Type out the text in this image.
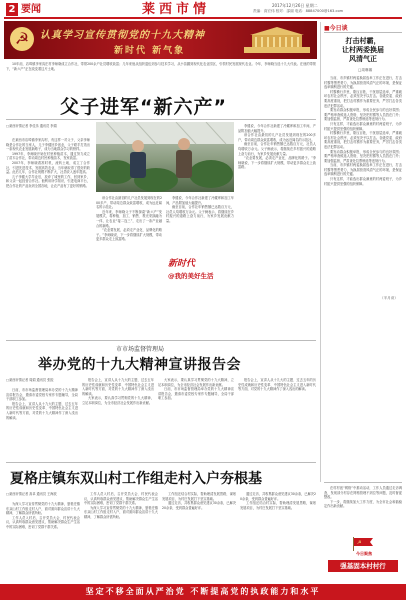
2 要闻	莱西市情	2017年12月26日 星期二
责编：高宏伟 校对：邵丽 电话：88847000@163.com
☭	认真学习宣传贯彻党的十九大精神
新时代 新气象

10年前，店埠镇李家沟庄村李师晓成立合作社，带领200余户社员增收致富；几年来他从组织退伍到参与技术学习，从小苗圃到现代化农业园区，引领村民发展现代农业。今年，李师晓当选十九大代表。在他的带领下，“新六产”正在改变着这片土地。

父子进军“新六产”

□莱西市情记者 李佳乐 通讯员 李娟

在莱西市店埠镇李家沟村，有这样一对父子，父亲李师晓是合作社的当家人，儿子李健回乡创业，父子联手打造出一条现代农业发展新路子，成为当地群众学习的榜样。

1997年，李师晓开始在村里种植苗木，通过努力成立了苗木合作社，带动周边村民种植苗木，发家致富。

2007年，李师晓看准时机，流转土地，成立了合作社，引进先进技术，发展高效农业，当年就取得了很好的收益。此后几年，合作社规模不断扩大，社员收入逐年提高。

儿子李健大学毕业后，放弃了城里的工作，回到家乡，和父亲一起经营合作社。他利用所学知识，引进电商平台，把合作社的产品卖到全国各地，让农产品有了更好的销路。

该合作社由最初的几户社员发展到现在的200多户，带动周边群众致富增收，成为远近闻名的示范社。

近年来，李师晓父子不断探索“新六产”发展模式，将种植、加工、销售、观光采摘融为一体，让农业“接二连三”，走出了一条产业融合的新路。

“农业要发展，必须走产业化、品牌化的路子。”李师晓说，下一步将继续扩大规模，带动更多群众走上致富路。

李健说，今年合作社新建了冷藏库和加工车间，产品附加值大幅提升。

截至目前，合作社年销售额已达数百万元，社员人均增收万余元。父子俩表示，将继续在乡村振兴的道路上奋力前行，为家乡发展贡献力量。

新时代
@我的美好生活

李健说，今年合作社新建了冷藏库和加工车间，产品附加值大幅提升。

该合作社由最初的几户社员发展到现在的200多户，带动周边群众致富增收，成为远近闻名的示范社。

截至目前，合作社年销售额已达数百万元，社员人均增收万余元。父子俩表示，将继续在乡村振兴的道路上奋力前行，为家乡发展贡献力量。

“农业要发展，必须走产业化、品牌化的路子。”李师晓说，下一步将继续扩大规模，带动更多群众走上致富路。

■今日谈
打击村霸，
让村两委换届
风清气正
□周琳娜

当前，市乡镇村两委换届选举工作正在进行，打击村霸等黑恶势力，为换届营造风清气正的环境，是保证选举顺利进行的关键。

村霸横行乡里，欺压百姓，干扰基层选举，严重破坏农村社会秩序，必须坚决予以打击。各级党委、政府要高度重视，把打击村霸作为重要任务，严厉打击各类违法犯罪活动。

要发动群众积极举报，形成全民参与的良好氛围；要严格审查候选人资格，坚决把村霸等人员挡在门外；要加强监督，严肃查处拉票贿选等违规行为。

只有这样，才能选出群众满意的村两委班子，为乡村振兴提供坚强的组织保障。

村霸横行乡里，欺压百姓，干扰基层选举，严重破坏农村社会秩序，必须坚决予以打击。各级党委、政府要高度重视，把打击村霸作为重要任务，严厉打击各类违法犯罪活动。

要发动群众积极举报，形成全民参与的良好氛围；要严格审查候选人资格，坚决把村霸等人员挡在门外；要加强监督，严肃查处拉票贿选等违规行为。

当前，市乡镇村两委换届选举工作正在进行，打击村霸等黑恶势力，为换届营造风清气正的环境，是保证选举顺利进行的关键。

只有这样，才能选出群众满意的村两委班子，为乡村振兴提供坚强的组织保障。

（半月谈）
市市场监督管理局
举办党的十九大精神宣讲报告会

□莱西市情记者 周娟 通讯员 张振

日前，市市场监督管理局举办党的十九大精神宣讲报告会，邀请市委党校专家作专题辅导，全局干部职工参加。

报告会上，宣讲人从十九大的主题、过去五年的历史性成就和历史性变革、中国特色社会主义进入新时代等方面，对党的十九大精神作了深入浅出的解读。

报告会上，宣讲人从十九大的主题、过去五年的历史性成就和历史性变革、中国特色社会主义进入新时代等方面，对党的十九大精神作了深入浅出的解读。

大家表示，要认真学习贯彻党的十九大精神，立足本职岗位，为全市经济社会发展作出新贡献。

大家表示，要认真学习贯彻党的十九大精神，立足本职岗位，为全市经济社会发展作出新贡献。

日前，市市场监督管理局举办党的十九大精神宣讲报告会，邀请市委党校专家作专题辅导，全局干部职工参加。

报告会上，宣讲人从十九大的主题、过去五年的历史性成就和历史性变革、中国特色社会主义进入新时代等方面，对党的十九大精神作了深入浅出的解读。

夏格庄镇东双山村工作组走村入户夯根基

□莱西市情记者 高卓 通讯员 王海波

为深入学习宣传贯彻党的十九大精神，夏格庄镇东双山村工作组走村入户，面对面向群众宣讲十九大精神，了解群众所需所盼。

工作人员入村后，召开党员大会、村民代表会议，认真听取群众意见建议，帮助解决群众生产生活中的实际困难，密切了党群干群关系。

工作人员入村后，召开党员大会、村民代表会议，认真听取群众意见建议，帮助解决群众生产生活中的实际困难，密切了党群干群关系。

为深入学习宣传贯彻党的十九大精神，夏格庄镇东双山村工作组走村入户，面对面向群众宣讲十九大精神，了解群众所需所盼。

工作组还结合村实际，帮助理清发展思路，谋划发展项目，为村庄发展打下坚实基础。

通过走访，共收集群众意见建议30余条，已解决20余条，受到群众普遍好评。

通过走访，共收集群众意见建议30余条，已解决20余条，受到群众普遍好评。

工作组还结合村实际，帮助理清发展思路，谋划发展项目，为村庄发展打下坚实基础。

在村村创“网格”中推动活动，工作人员通过走访调查，发现部分村存在网格管理不到位等问题，及时督促整改。

下一步，将继续加大工作力度，为全市社会和谐稳定作出新贡献。

☭
今日聚焦
强基固本村村行
坚定不移全面从严治党 不断提高党的执政能力和水平
